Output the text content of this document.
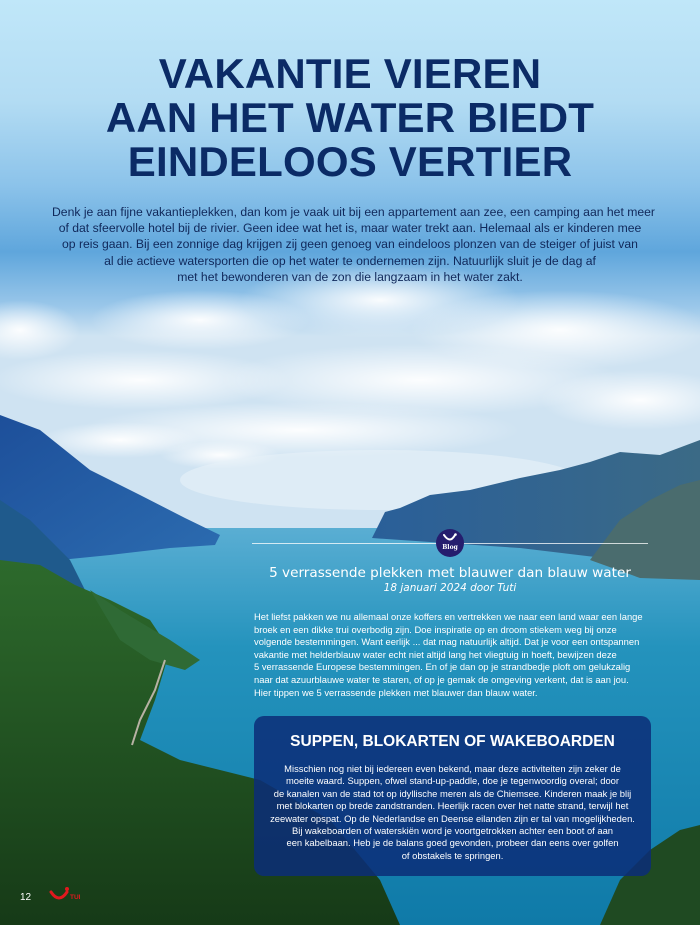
VAKANTIE VIEREN
AAN HET WATER BIEDT
EINDELOOS VERTIER
Denk je aan fijne vakantieplekken, dan kom je vaak uit bij een appartement aan zee, een camping aan het meer
of dat sfeervolle hotel bij de rivier. Geen idee wat het is, maar water trekt aan. Helemaal als er kinderen mee
op reis gaan. Bij een zonnige dag krijgen zij geen genoeg van eindeloos plonzen van de steiger of juist van
al die actieve watersporten die op het water te ondernemen zijn. Natuurlijk sluit je de dag af
met het bewonderen van de zon die langzaam in het water zakt.
Blog
5 verrassende plekken met blauwer dan blauw water
18 januari 2024 door Tuti
Het liefst pakken we nu allemaal onze koffers en vertrekken we naar een land waar een lange
broek en een dikke trui overbodig zijn. Doe inspiratie op en droom stiekem weg bij onze
volgende bestemmingen. Want eerlijk ... dat mag natuurlijk altijd. Dat je voor een ontspannen
vakantie met helderblauw water echt niet altijd lang het vliegtuig in hoeft, bewijzen deze
5 verrassende Europese bestemmingen. En of je dan op je strandbedje ploft om gelukzalig
naar dat azuurblauwe water te staren, of op je gemak de omgeving verkent, dat is aan jou.
Hier tippen we 5 verrassende plekken met blauwer dan blauw water.
SUPPEN, BLOKARTEN OF WAKEBOARDEN
Misschien nog niet bij iedereen even bekend, maar deze activiteiten zijn zeker de
moeite waard. Suppen, ofwel stand-up-paddle, doe je tegenwoordig overal; door
de kanalen van de stad tot op idyllische meren als de Chiemsee. Kinderen maak je blij
met blokarten op brede zandstranden. Heerlijk racen over het natte strand, terwijl het
zeewater opspat. Op de Nederlandse en Deense eilanden zijn er tal van mogelijkheden.
Bij wakeboarden of waterskiën word je voortgetrokken achter een boot of aan
een kabelbaan. Heb je de balans goed gevonden, probeer dan eens over golfen
of obstakels te springen.
12	TUI
